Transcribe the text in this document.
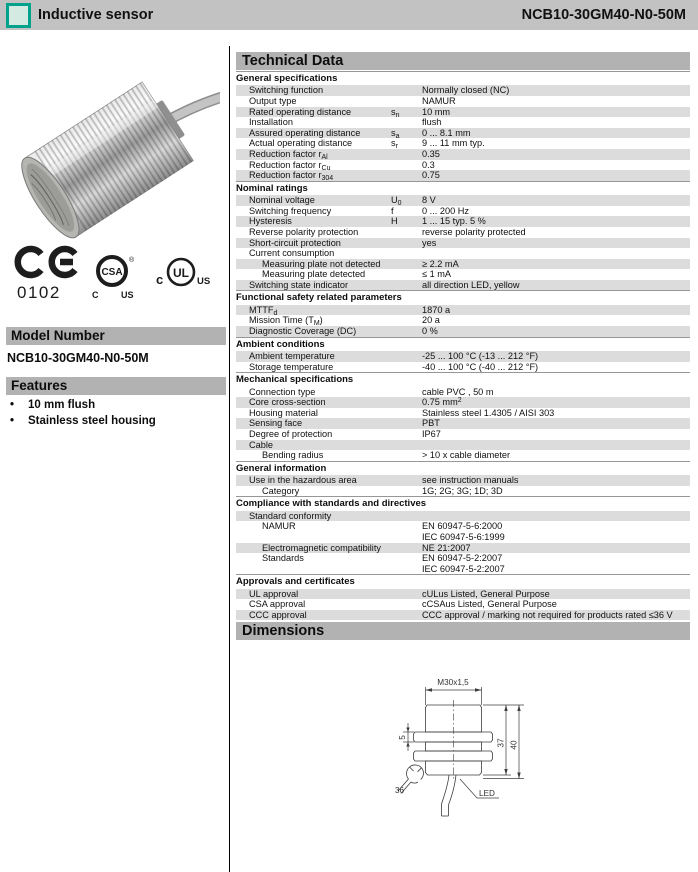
Inductive sensor	NCB10-30GM40-N0-50M
0102
CSA
®
C	US
c UL
US
Model Number
NCB10-30GM40-N0-50M
Features
• 10 mm flush
• Stainless steel housing
Technical Data
General specifications
Switching function	Normally closed (NC)
Output type	NAMUR
Rated operating distance	$s_n$	10 mm
Installation	flush
Assured operating distance	$s_a$	0 ... 8.1 mm
Actual operating distance	$s_r$	9 ... 11 mm typ.
Reduction factor $r_{Al}$	0.35
Reduction factor $r_{Cu}$	0.3
Reduction factor $r_{304}$	0.75
Nominal ratings
Nominal voltage	$U_0$	8 V
Switching frequency	f	0 ... 200 Hz
Hysteresis	H	1 ... 15 typ. 5 %
Reverse polarity protection	reverse polarity protected
Short-circuit protection	yes
Current consumption
Measuring plate not detected	≥ 2.2 mA
Measuring plate detected	≤ 1 mA
Switching state indicator	all direction LED, yellow
Functional safety related parameters
$MTTF_d$	1870 a
Mission Time $(T_M)$	20 a
Diagnostic Coverage (DC)	0 %
Ambient conditions
Ambient temperature	-25 ... 100 °C (-13 ... 212 °F)
Storage temperature	-40 ... 100 °C (-40 ... 212 °F)
Mechanical specifications
Connection type	cable PVC , 50 m
Core cross-section	0.75 $mm^2$
Housing material	Stainless steel 1.4305 / AISI 303
Sensing face	PBT
Degree of protection	IP67
Cable
Bending radius	> 10 x cable diameter
General information
Use in the hazardous area	see instruction manuals
Category	1G; 2G; 3G; 1D; 3D
Compliance with standards and directives
Standard conformity
NAMUR	EN 60947-5-6:2000
IEC 60947-5-6:1999
Electromagnetic compatibility	NE 21:2007
Standards	EN 60947-5-2:2007
IEC 60947-5-2:2007
Approvals and certificates
UL approval	cULus Listed, General Purpose
CSA approval	cCSAus Listed, General Purpose
CCC approval	CCC approval / marking not required for products rated ≤36 V
Dimensions
M30x1,5
LED
37 40
5
36
